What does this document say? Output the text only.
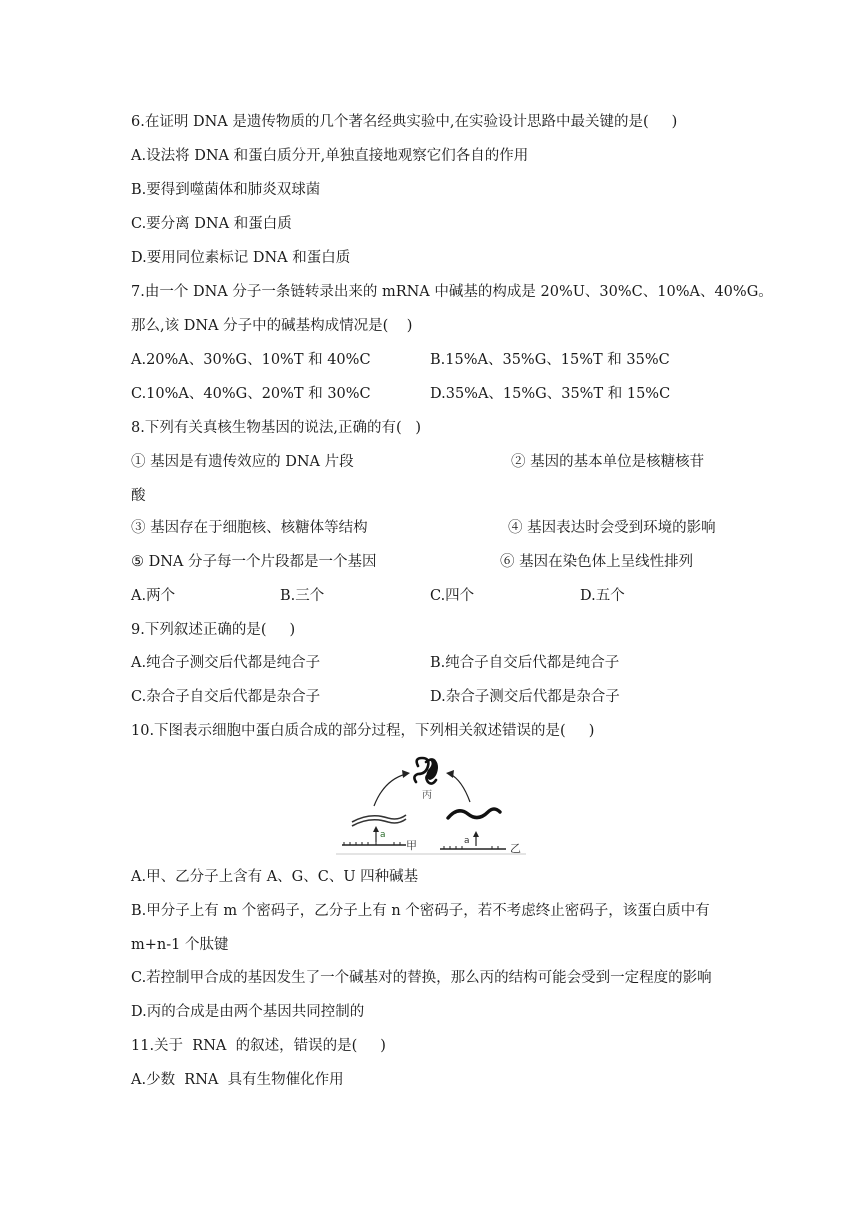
6.在证明 DNA 是遗传物质的几个著名经典实验中,在实验设计思路中最关键的是(     )
A.设法将 DNA 和蛋白质分开,单独直接地观察它们各自的作用
B.要得到噬菌体和肺炎双球菌
C.要分离 DNA 和蛋白质
D.要用同位素标记 DNA 和蛋白质
7.由一个 DNA 分子一条链转录出来的 mRNA 中碱基的构成是 20%U、30%C、10%A、40%G。
那么,该 DNA 分子中的碱基构成情况是(    )
A.20%A、30%G、10%T 和 40%C	B.15%A、35%G、15%T 和 35%C
C.10%A、40%G、20%T 和 30%C	D.35%A、15%G、35%T 和 15%C
8.下列有关真核生物基因的说法,正确的有(   )
① 基因是有遗传效应的 DNA 片段	② 基因的基本单位是核糖核苷
酸
③ 基因存在于细胞核、核糖体等结构	④ 基因表达时会受到环境的影响
⑤ DNA 分子每一个片段都是一个基因	⑥ 基因在染色体上呈线性排列
A.两个	B.三个	C.四个	D.五个
9.下列叙述正确的是(     )
A.纯合子测交后代都是纯合子	B.纯合子自交后代都是纯合子
C.杂合子自交后代都是杂合子	D.杂合子测交后代都是杂合子
10.下图表示细胞中蛋白质合成的部分过程，下列相关叙述错误的是(     )
a
甲	a
乙
丙
A.甲、乙分子上含有 A、G、C、U 四种碱基
B.甲分子上有 m 个密码子，乙分子上有 n 个密码子，若不考虑终止密码子，该蛋白质中有
m+n-1 个肽键
C.若控制甲合成的基因发生了一个碱基对的替换，那么丙的结构可能会受到一定程度的影响
D.丙的合成是由两个基因共同控制的
11.关于  RNA  的叙述，错误的是(     )
A.少数  RNA  具有生物催化作用
